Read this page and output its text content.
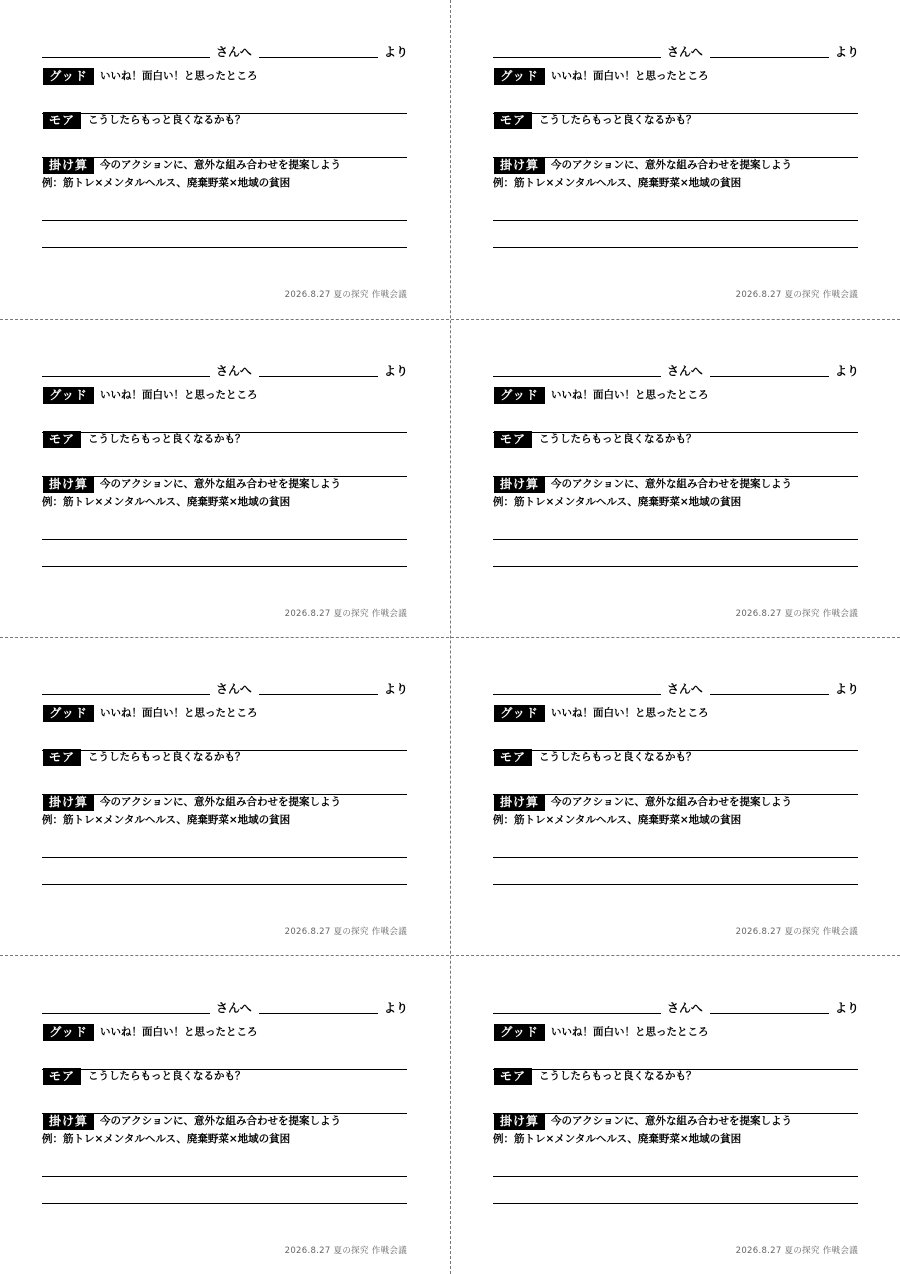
さんへ	より
グッド	いいね！面白い！と思ったところ
モア	こうしたらもっと良くなるかも？
掛け算	今のアクションに、意外な組み合わせを提案しよう
例：筋トレ×メンタルヘルス、廃棄野菜×地域の貧困
2026.8.27 夏の探究 作戦会議
さんへ	より
グッド	いいね！面白い！と思ったところ
モア	こうしたらもっと良くなるかも？
掛け算	今のアクションに、意外な組み合わせを提案しよう
例：筋トレ×メンタルヘルス、廃棄野菜×地域の貧困
2026.8.27 夏の探究 作戦会議
さんへ	より
グッド	いいね！面白い！と思ったところ
モア	こうしたらもっと良くなるかも？
掛け算	今のアクションに、意外な組み合わせを提案しよう
例：筋トレ×メンタルヘルス、廃棄野菜×地域の貧困
2026.8.27 夏の探究 作戦会議
さんへ	より
グッド	いいね！面白い！と思ったところ
モア	こうしたらもっと良くなるかも？
掛け算	今のアクションに、意外な組み合わせを提案しよう
例：筋トレ×メンタルヘルス、廃棄野菜×地域の貧困
2026.8.27 夏の探究 作戦会議
さんへ	より
グッド	いいね！面白い！と思ったところ
モア	こうしたらもっと良くなるかも？
掛け算	今のアクションに、意外な組み合わせを提案しよう
例：筋トレ×メンタルヘルス、廃棄野菜×地域の貧困
2026.8.27 夏の探究 作戦会議
さんへ	より
グッド	いいね！面白い！と思ったところ
モア	こうしたらもっと良くなるかも？
掛け算	今のアクションに、意外な組み合わせを提案しよう
例：筋トレ×メンタルヘルス、廃棄野菜×地域の貧困
2026.8.27 夏の探究 作戦会議
さんへ	より
グッド	いいね！面白い！と思ったところ
モア	こうしたらもっと良くなるかも？
掛け算	今のアクションに、意外な組み合わせを提案しよう
例：筋トレ×メンタルヘルス、廃棄野菜×地域の貧困
2026.8.27 夏の探究 作戦会議
さんへ	より
グッド	いいね！面白い！と思ったところ
モア	こうしたらもっと良くなるかも？
掛け算	今のアクションに、意外な組み合わせを提案しよう
例：筋トレ×メンタルヘルス、廃棄野菜×地域の貧困
2026.8.27 夏の探究 作戦会議
